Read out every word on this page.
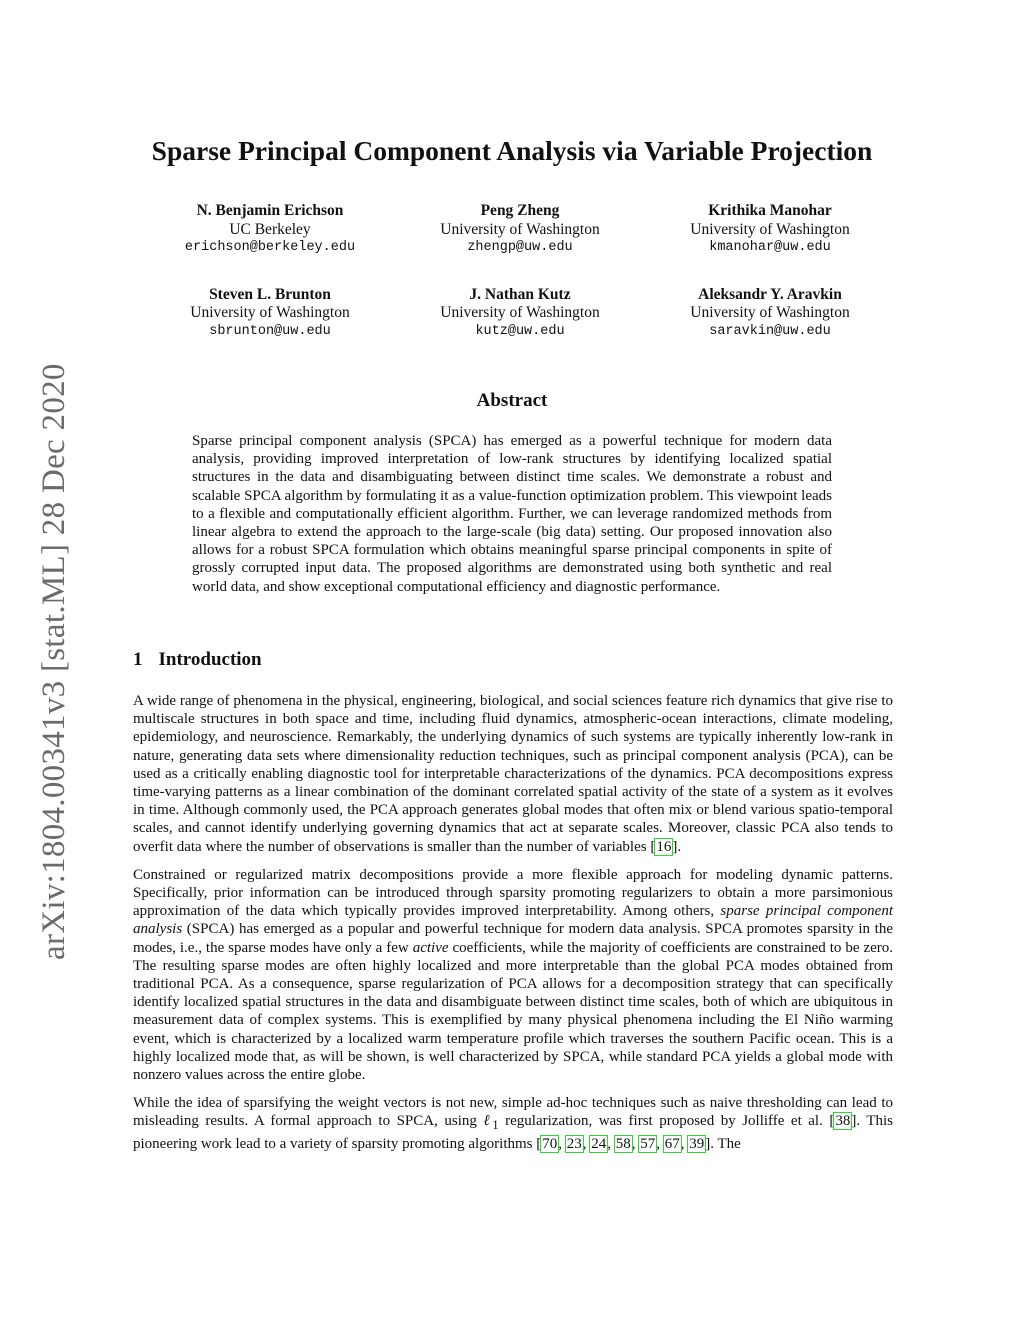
arXiv:1804.00341v3 [stat.ML] 28 Dec 2020
Sparse Principal Component Analysis via Variable Projection
N. Benjamin Erichson
UC Berkeley
erichson@berkeley.edu
Peng Zheng
University of Washington
zhengp@uw.edu
Krithika Manohar
University of Washington
kmanohar@uw.edu
Steven L. Brunton
University of Washington
sbrunton@uw.edu
J. Nathan Kutz
University of Washington
kutz@uw.edu
Aleksandr Y. Aravkin
University of Washington
saravkin@uw.edu
Abstract

Sparse principal component analysis (SPCA) has emerged as a powerful technique for modern data analysis, providing improved interpretation of low-rank structures by identifying localized spatial structures in the data and disambiguating between distinct time scales. We demonstrate a robust and scalable SPCA algorithm by formulating it as a value-function optimization problem. This viewpoint leads to a flexible and computationally efficient algorithm. Further, we can leverage randomized methods from linear algebra to extend the approach to the large-scale (big data) setting. Our proposed innovation also allows for a robust SPCA formulation which obtains meaningful sparse principal components in spite of grossly corrupted input data. The proposed algorithms are demonstrated using both synthetic and real world data, and show exceptional computational efficiency and diagnostic performance.

1 Introduction

A wide range of phenomena in the physical, engineering, biological, and social sciences feature rich dynamics that give rise to multiscale structures in both space and time, including fluid dynamics, atmospheric-ocean interactions, climate modeling, epidemiology, and neuroscience. Remarkably, the underlying dynamics of such systems are typically inherently low-rank in nature, generating data sets where dimensionality reduction techniques, such as principal component analysis (PCA), can be used as a critically enabling diagnostic tool for interpretable characterizations of the dynamics. PCA decompositions express time-varying patterns as a linear combination of the dominant correlated spatial activity of the state of a system as it evolves in time. Although commonly used, the PCA approach generates global modes that often mix or blend various spatio-temporal scales, and cannot identify underlying governing dynamics that act at separate scales. Moreover, classic PCA also tends to overfit data where the number of observations is smaller than the number of variables [16].

Constrained or regularized matrix decompositions provide a more flexible approach for modeling dynamic patterns. Specifically, prior information can be introduced through sparsity promoting regularizers to obtain a more parsimonious approximation of the data which typically provides improved interpretability. Among others, sparse principal component analysis (SPCA) has emerged as a popular and powerful technique for modern data analysis. SPCA promotes sparsity in the modes, i.e., the sparse modes have only a few active coefficients, while the majority of coefficients are constrained to be zero. The resulting sparse modes are often highly localized and more interpretable than the global PCA modes obtained from traditional PCA. As a consequence, sparse regularization of PCA allows for a decomposition strategy that can specifically identify localized spatial structures in the data and disambiguate between distinct time scales, both of which are ubiquitous in measurement data of complex systems. This is exemplified by many physical phenomena including the El Niño warming event, which is characterized by a localized warm temperature profile which traverses the southern Pacific ocean. This is a highly localized mode that, as will be shown, is well characterized by SPCA, while standard PCA yields a global mode with nonzero values across the entire globe.

While the idea of sparsifying the weight vectors is not new, simple ad-hoc techniques such as naive thresholding can lead to misleading results. A formal approach to SPCA, using ℓ$_1$ regularization, was first proposed by Jolliffe et al. [38]. This pioneering work lead to a variety of sparsity promoting algorithms [70, 23, 24, 58, 57, 67, 39]. The
